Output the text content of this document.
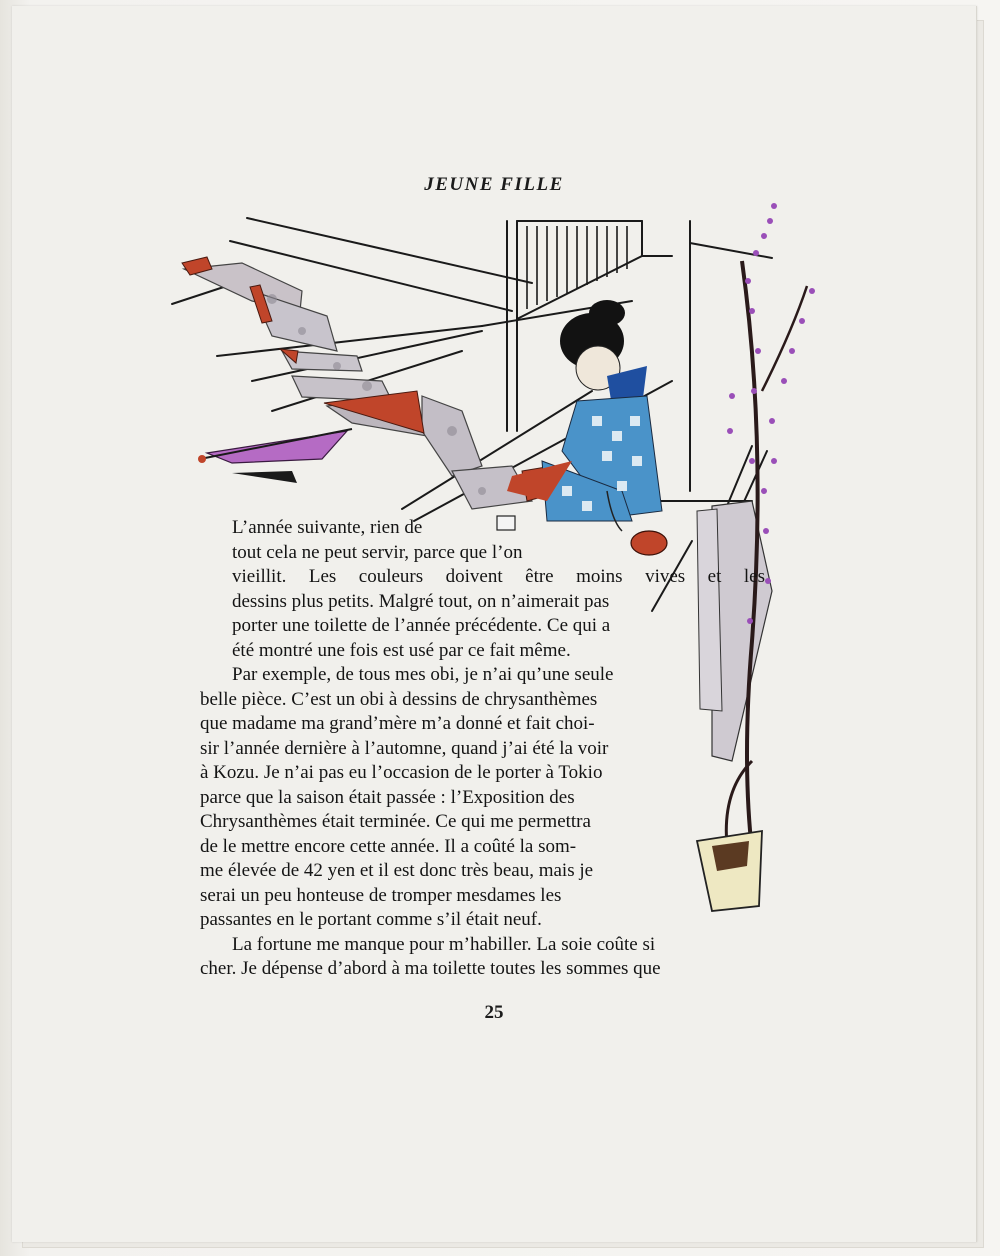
JEUNE FILLE

L’année suivante, rien de
tout cela ne peut servir, parce que l’on
vieillit. Les couleurs doivent être moins vives et les
dessins plus petits. Malgré tout, on n’aimerait pas
porter une toilette de l’année précédente. Ce qui a
été montré une fois est usé par ce fait même.

Par exemple, de tous mes obi, je n’ai qu’une seule
belle pièce. C’est un obi à dessins de chrysanthèmes
que madame ma grand’mère m’a donné et fait choi-
sir l’année dernière à l’automne, quand j’ai été la voir
à Kozu. Je n’ai pas eu l’occasion de le porter à Tokio
parce que la saison était passée : l’Exposition des
Chrysanthèmes était terminée. Ce qui me permettra
de le mettre encore cette année. Il a coûté la som-
me élevée de 42 yen et il est donc très beau, mais je
serai un peu honteuse de tromper mesdames les
passantes en le portant comme s’il était neuf.

La fortune me manque pour m’habiller. La soie coûte si
cher. Je dépense d’abord à ma toilette toutes les sommes que

25
